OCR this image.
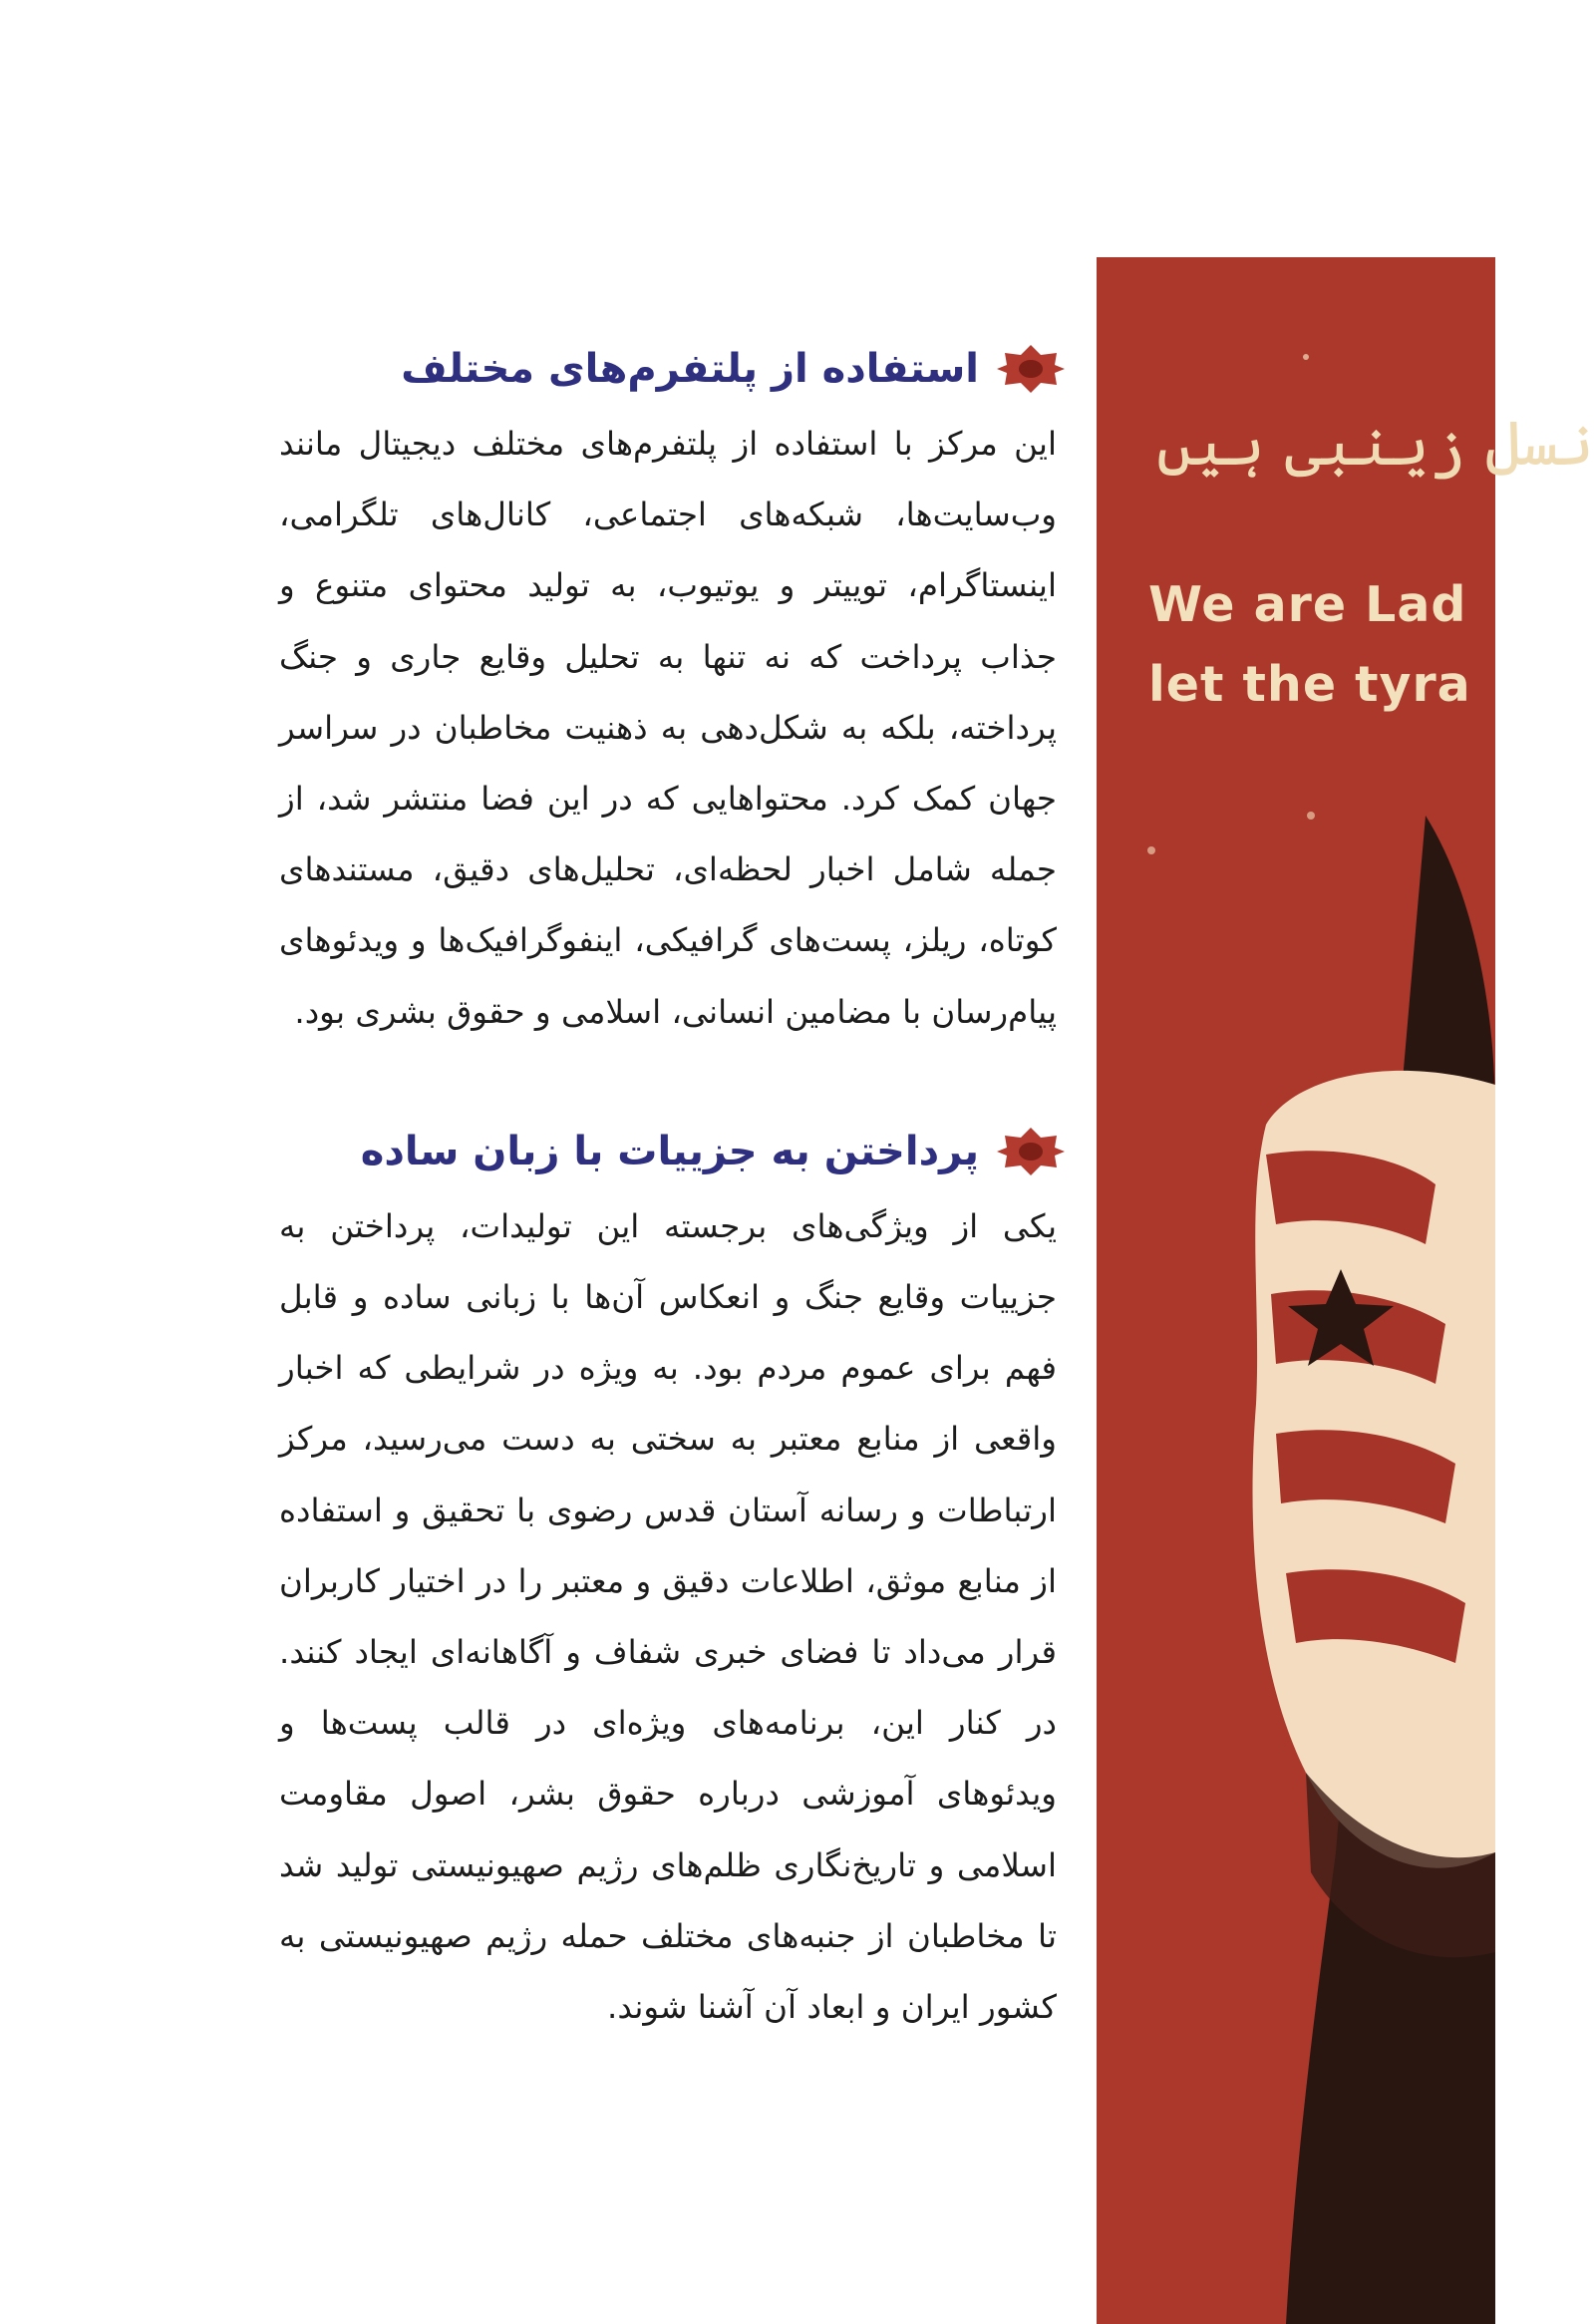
استفاده از پلتفرم‌های مختلف

این مرکز با استفاده از پلتفرم‌های مختلف دیجیتال مانند وب‌سایت‌ها، شبکه‌های اجتماعی، کانال‌های تلگرامی، اینستاگرام، توییتر و یوتیوب، به تولید محتوای متنوع و جذاب پرداخت که نه تنها به تحلیل وقایع جاری و جنگ پرداخته، بلکه به شکل‌دهی به ذهنیت مخاطبان در سراسر جهان کمک کرد. محتواهایی که در این فضا منتشر شد، از جمله شامل اخبار لحظه‌ای، تحلیل‌های دقیق، مستندهای کوتاه، ریلز، پست‌های گرافیکی، اینفوگرافیک‌ها و ویدئوهای پیام‌رسان با مضامین انسانی، اسلامی و حقوق بشری بود.

پرداختن به جزییات با زبان ساده

یکی از ویژگی‌های برجسته این تولیدات، پرداختن به جزییات وقایع جنگ و انعکاس آن‌ها با زبانی ساده و قابل فهم برای عموم مردم بود. به ویژه در شرایطی که اخبار واقعی از منابع معتبر به سختی به دست می‌رسید، مرکز ارتباطات و رسانه آستان قدس رضوی با تحقیق و استفاده از منابع موثق، اطلاعات دقیق و معتبر را در اختیار کاربران قرار می‌داد تا فضای خبری شفاف و آگاهانه‌ای ایجاد کنند. در کنار این، برنامه‌های ویژه‌ای در قالب پست‌ها و ویدئوهای آموزشی درباره حقوق بشر، اصول مقاومت اسلامی و تاریخ‌نگاری ظلم‌های رژیم صهیونیستی تولید شد تا مخاطبان از جنبه‌های مختلف حمله رژیم صهیونیستی به کشور ایران و ابعاد آن آشنا شوند.

نسل زینبی ہیں
We are Lad
let the tyra
